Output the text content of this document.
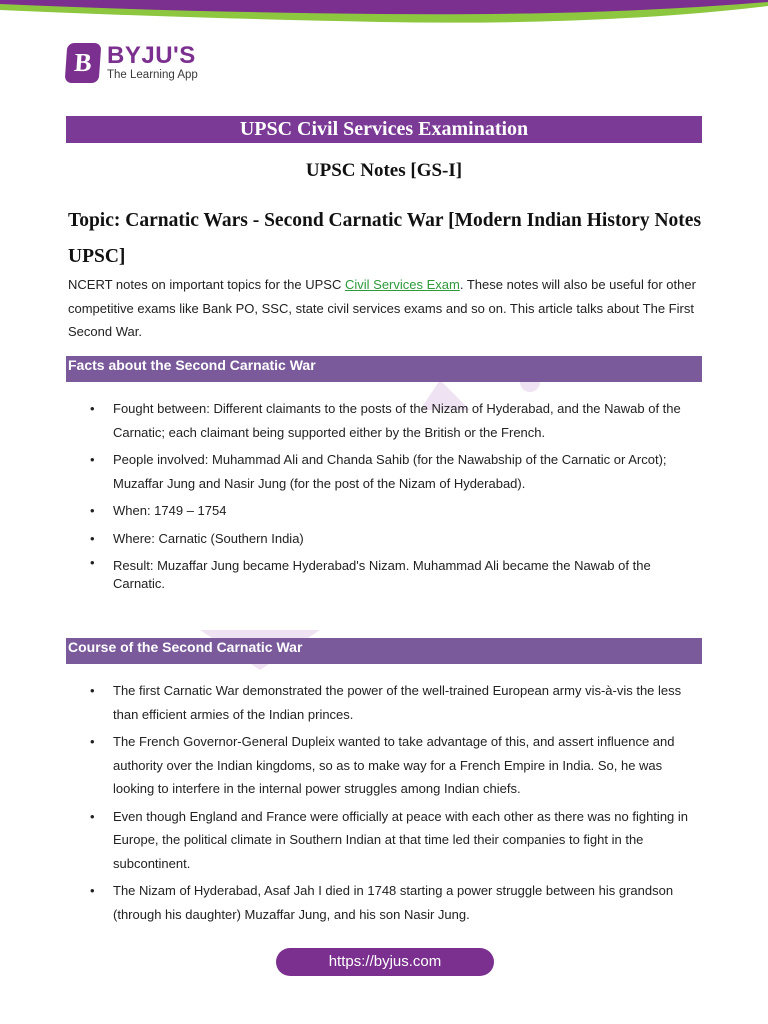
B BYJU'S
The Learning App
UPSC Civil Services Examination
UPSC Notes [GS-I]
Topic: Carnatic Wars - Second Carnatic War [Modern Indian History Notes UPSC]
NCERT notes on important topics for the UPSC Civil Services Exam. These notes will also be useful for other competitive exams like Bank PO, SSC, state civil services exams and so on. This article talks about The First Second War.
Facts about the Second Carnatic War
• Fought between: Different claimants to the posts of the Nizam of Hyderabad, and the Nawab of the Carnatic; each claimant being supported either by the British or the French.
• People involved: Muhammad Ali and Chanda Sahib (for the Nawabship of the Carnatic or Arcot); Muzaffar Jung and Nasir Jung (for the post of the Nizam of Hyderabad).
• When: 1749 – 1754
• Where: Carnatic (Southern India)
• Result: Muzaffar Jung became Hyderabad's Nizam. Muhammad Ali became the Nawab of the Carnatic.
Course of the Second Carnatic War
• The first Carnatic War demonstrated the power of the well-trained European army vis-à-vis the less than efficient armies of the Indian princes.
• The French Governor-General Dupleix wanted to take advantage of this, and assert influence and authority over the Indian kingdoms, so as to make way for a French Empire in India. So, he was looking to interfere in the internal power struggles among Indian chiefs.
• Even though England and France were officially at peace with each other as there was no fighting in Europe, the political climate in Southern Indian at that time led their companies to fight in the subcontinent.
• The Nizam of Hyderabad, Asaf Jah I died in 1748 starting a power struggle between his grandson (through his daughter) Muzaffar Jung, and his son Nasir Jung.
https://byjus.com
